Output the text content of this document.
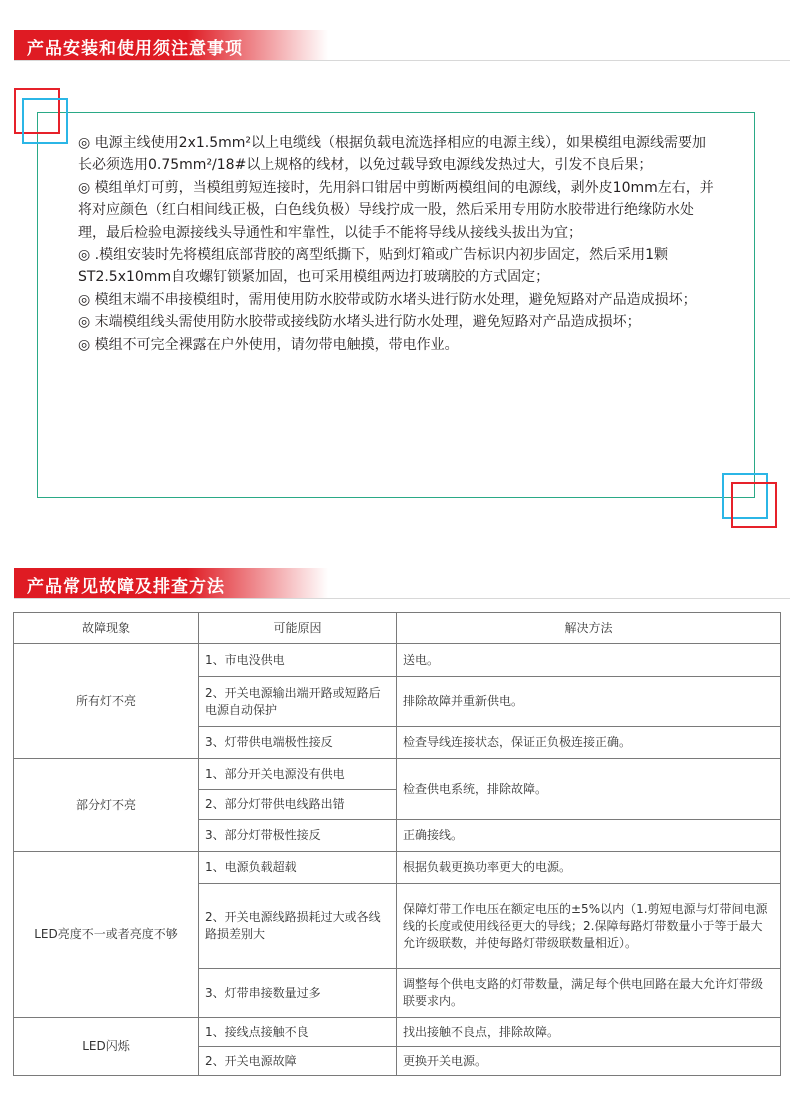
产品安装和使用须注意事项

◎ 电源主线使用2x1.5mm²以上电缆线（根据负载电流选择相应的电源主线），如果模组电源线需要加长必须选用0.75mm²/18#以上规格的线材，以免过载导致电源线发热过大，引发不良后果；

◎ 模组单灯可剪，当模组剪短连接时，先用斜口钳居中剪断两模组间的电源线，剥外皮10mm左右，并将对应颜色（红白相间线正极，白色线负极）导线拧成一股，然后采用专用防水胶带进行绝缘防水处理，最后检验电源接线头导通性和牢靠性，以徒手不能将导线从接线头拔出为宜；

◎ .模组安装时先将模组底部背胶的离型纸撕下，贴到灯箱或广告标识内初步固定，然后采用1颗ST2.5x10mm自攻螺钉锁紧加固，也可采用模组两边打玻璃胶的方式固定；

◎ 模组末端不串接模组时，需用使用防水胶带或防水堵头进行防水处理，避免短路对产品造成损坏；

◎ 末端模组线头需使用防水胶带或接线防水堵头进行防水处理，避免短路对产品造成损坏；

◎ 模组不可完全裸露在户外使用，请勿带电触摸，带电作业。

产品常见故障及排查方法
故障现象	可能原因	解决方法
所有灯不亮	1、市电没供电	送电。
	2、开关电源输出端开路或短路后电源自动保护	排除故障并重新供电。
	3、灯带供电端极性接反	检查导线连接状态，保证正负极连接正确。
部分灯不亮	1、部分开关电源没有供电	检查供电系统，排除故障。
	2、部分灯带供电线路出错	
	3、部分灯带极性接反	正确接线。
LED亮度不一或者亮度不够	1、电源负载超载	根据负载更换功率更大的电源。
	2、开关电源线路损耗过大或各线路损差别大	保障灯带工作电压在额定电压的±5%以内（1.剪短电源与灯带间电源线的长度或使用线径更大的导线；2.保障每路灯带数量小于等于最大允许级联数，并使每路灯带级联数量相近）。
	3、灯带串接数量过多	调整每个供电支路的灯带数量，满足每个供电回路在最大允许灯带级联要求内。
LED闪烁	1、接线点接触不良	找出接触不良点，排除故障。
	2、开关电源故障	更换开关电源。
